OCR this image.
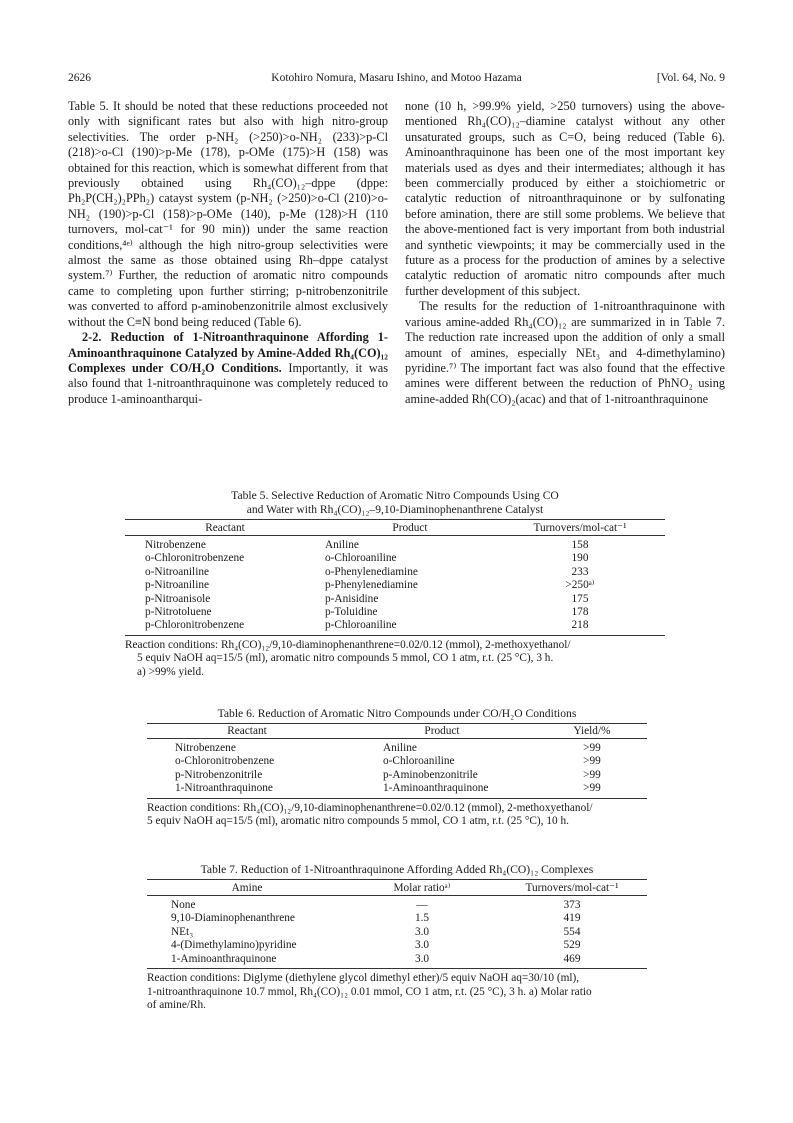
2626	Kotohiro Nomura, Masaru Ishino, and Motoo Hazama	[Vol. 64, No. 9

Table 5. It should be noted that these reductions proceeded not only with significant rates but also with high nitro-group selectivities. The order p-NH₂ (>250)>o-NH₂ (233)>p-Cl (218)>o-Cl (190)>p-Me (178), p-OMe (175)>H (158) was obtained for this reaction, which is somewhat different from that previously obtained using Rh₄(CO)₁₂–dppe (dppe: Ph₂P(CH₂)₂PPh₂) catayst system (p-NH₂ (>250)>o-Cl (210)>o-NH₂ (190)>p-Cl (158)>p-OMe (140), p-Me (128)>H (110 turnovers, mol-cat⁻¹ for 90 min)) under the same reaction conditions,⁴ᵉ⁾ although the high nitro-group selectivities were almost the same as those obtained using Rh–dppe catalyst system.⁷⁾ Further, the reduction of aromatic nitro compounds came to completing upon further stirring; p-nitrobenzonitrile was converted to afford p-aminobenzonitrile almost exclusively without the C≡N bond being reduced (Table 6).

2-2. Reduction of 1-Nitroanthraquinone Affording 1-Aminoanthraquinone Catalyzed by Amine-Added Rh₄(CO)₁₂ Complexes under CO/H₂O Conditions. Importantly, it was also found that 1-nitroanthraquinone was completely reduced to produce 1-aminoantharqui-

none (10 h, >99.9% yield, >250 turnovers) using the above-mentioned Rh₄(CO)₁₂–diamine catalyst without any other unsaturated groups, such as C=O, being reduced (Table 6). Aminoanthraquinone has been one of the most important key materials used as dyes and their intermediates; although it has been commercially produced by either a stoichiometric or catalytic reduction of nitroanthraquinone or by sulfonating before amination, there are still some problems. We believe that the above-mentioned fact is very important from both industrial and synthetic viewpoints; it may be commercially used in the future as a process for the production of amines by a selective catalytic reduction of aromatic nitro compounds after much further development of this subject.

The results for the reduction of 1-nitroanthraquinone with various amine-added Rh₄(CO)₁₂ are summarized in in Table 7. The reduction rate increased upon the addition of only a small amount of amines, especially NEt₃ and 4-dimethylamino) pyridine.⁷⁾ The important fact was also found that the effective amines were different between the reduction of PhNO₂ using amine-added Rh(CO)₂(acac) and that of 1-nitroanthraquinone

Table 5. Selective Reduction of Aromatic Nitro Compounds Using CO
and Water with Rh₄(CO)₁₂–9,10-Diaminophenanthrene Catalyst
Reactant	Product	Turnovers/mol-cat⁻¹
Nitrobenzene	Aniline	158
o-Chloronitrobenzene	o-Chloroaniline	190
o-Nitroaniline	o-Phenylenediamine	233
p-Nitroaniline	p-Phenylenediamine	>250ᵃ⁾
p-Nitroanisole	p-Anisidine	175
p-Nitrotoluene	p-Toluidine	178
p-Chloronitrobenzene	p-Chloroaniline	218
Reaction conditions: Rh₄(CO)₁₂/9,10-diaminophenanthrene=0.02/0.12 (mmol), 2-methoxyethanol/
5 equiv NaOH aq=15/5 (ml), aromatic nitro compounds 5 mmol, CO 1 atm, r.t. (25 °C), 3 h.
a) >99% yield.
Table 6. Reduction of Aromatic Nitro Compounds under CO/H₂O Conditions
Reactant	Product	Yield/%
Nitrobenzene	Aniline	>99
o-Chloronitrobenzene	o-Chloroaniline	>99
p-Nitrobenzonitrile	p-Aminobenzonitrile	>99
1-Nitroanthraquinone	1-Aminoanthraquinone	>99
Reaction conditions: Rh₄(CO)₁₂/9,10-diaminophenanthrene=0.02/0.12 (mmol), 2-methoxyethanol/
5 equiv NaOH aq=15/5 (ml), aromatic nitro compounds 5 mmol, CO 1 atm, r.t. (25 °C), 10 h.
Table 7. Reduction of 1-Nitroanthraquinone Affording Added Rh₄(CO)₁₂ Complexes
Amine	Molar ratioᵃ⁾	Turnovers/mol-cat⁻¹
None	—	373
9,10-Diaminophenanthrene	1.5	419
NEt₃	3.0	554
4-(Dimethylamino)pyridine	3.0	529
1-Aminoanthraquinone	3.0	469
Reaction conditions: Diglyme (diethylene glycol dimethyl ether)/5 equiv NaOH aq=30/10 (ml),
1-nitroanthraquinone 10.7 mmol, Rh₄(CO)₁₂ 0.01 mmol, CO 1 atm, r.t. (25 °C), 3 h. a) Molar ratio
of amine/Rh.
